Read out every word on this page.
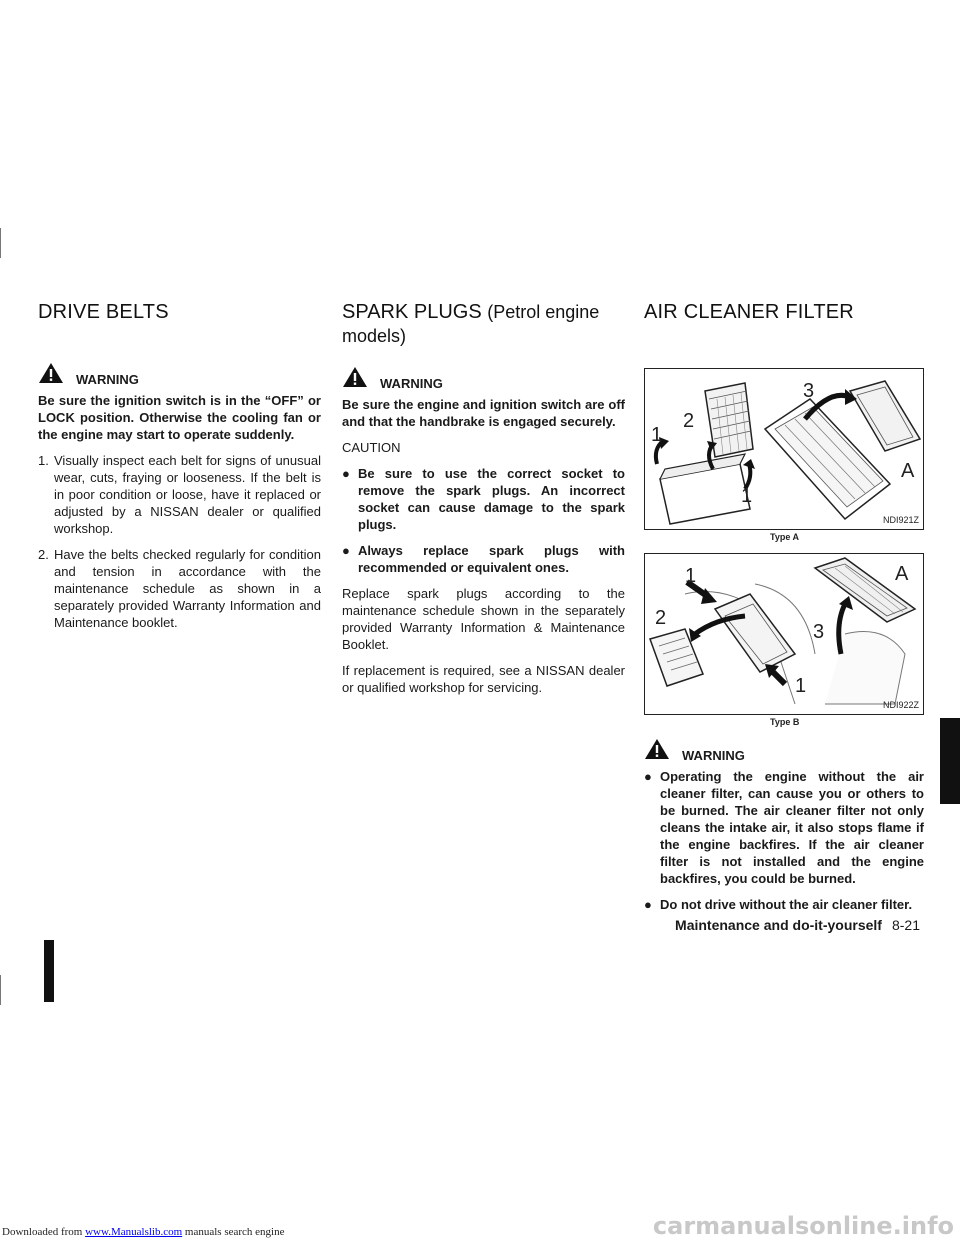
Downloaded from www.Manualslib.com manuals search engine
DRIVE BELTS
WARNING

Be sure the ignition switch is in the “OFF” or LOCK position. Otherwise the cooling fan or the engine may start to operate suddenly.

1. Visually inspect each belt for signs of unusual wear, cuts, fraying or looseness. If the belt is in poor condition or loose, have it replaced or adjusted by a NISSAN dealer or qualified workshop.
2. Have the belts checked regularly for condition and tension in accordance with the maintenance schedule as shown in a separately provided Warranty Information and Maintenance booklet.
SPARK PLUGS (Petrol engine models)
WARNING

Be sure the engine and ignition switch are off and that the handbrake is engaged securely.

CAUTION

● Be sure to use the correct socket to remove the spark plugs. An incorrect socket can cause damage to the spark plugs.
● Always replace spark plugs with recommended or equivalent ones.

Replace spark plugs according to the maintenance schedule shown in the separately provided Warranty Information & Maintenance Booklet.

If replacement is required, see a NISSAN dealer or qualified workshop for servicing.

AIR CLEANER FILTER
1
2
3
A
1
NDI921Z
Type A
1	A
2
3
1
NDI922Z
Type B
WARNING
● Operating the engine without the air cleaner filter, can cause you or others to be burned. The air cleaner filter not only cleans the intake air, it also stops flame if the engine backfires. If the air cleaner filter is not installed and the engine backfires, you could be burned.
● Do not drive without the air cleaner filter.
Maintenance and do-it-yourself 8-21
carmanualsonline.info
